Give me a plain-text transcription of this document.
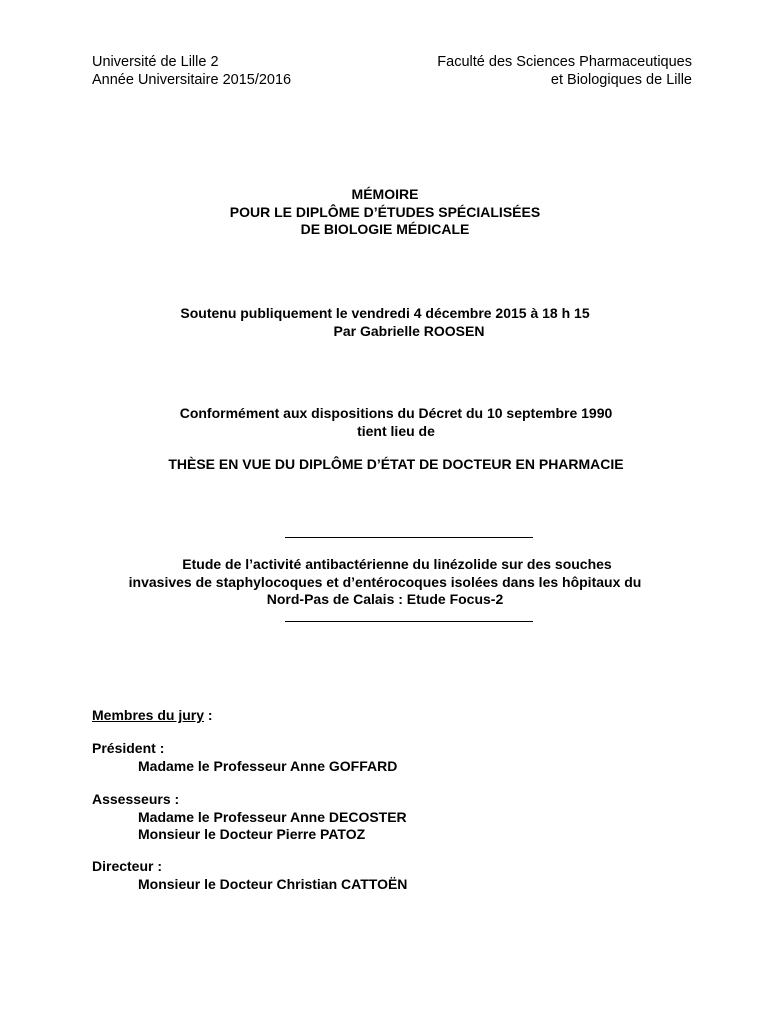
Université de Lille 2
Année Universitaire 2015/2016
Faculté des Sciences Pharmaceutiques
et Biologiques de Lille
MÉMOIRE
POUR LE DIPLÔME D’ÉTUDES SPÉCIALISÉES
DE BIOLOGIE MÉDICALE
Soutenu publiquement le vendredi 4 décembre 2015 à 18 h 15
Par Gabrielle ROOSEN
Conformément aux dispositions du Décret du 10 septembre 1990
tient lieu de
THÈSE EN VUE DU DIPLÔME D’ÉTAT DE DOCTEUR EN PHARMACIE
Etude de l’activité antibactérienne du linézolide sur des souches
invasives de staphylocoques et d’entérocoques isolées dans les hôpitaux du
Nord-Pas de Calais : Etude Focus-2
Membres du jury :
Président :
Madame le Professeur Anne GOFFARD
Assesseurs :
Madame le Professeur Anne DECOSTER
Monsieur le Docteur Pierre PATOZ
Directeur :
Monsieur le Docteur Christian CATTOËN
